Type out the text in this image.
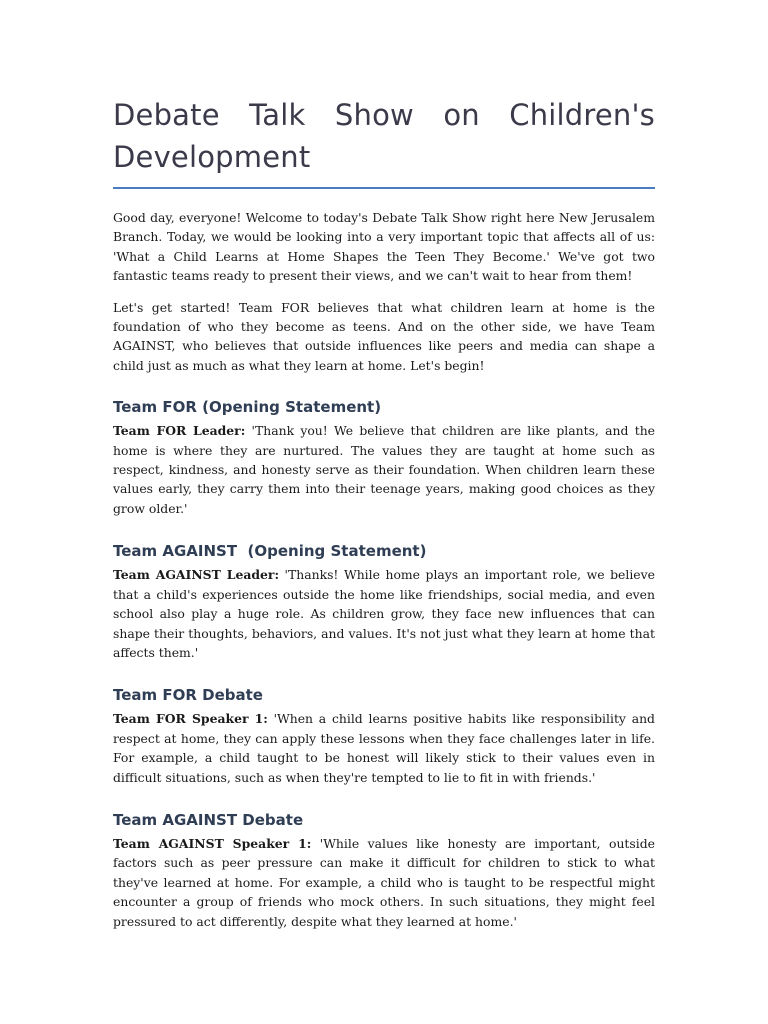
Debate Talk Show on Children's Development

Good day, everyone! Welcome to today's Debate Talk Show right here New Jerusalem Branch. Today, we would be looking into a very important topic that affects all of us: 'What a Child Learns at Home Shapes the Teen They Become.' We've got two fantastic teams ready to present their views, and we can't wait to hear from them!

Let's get started! Team FOR believes that what children learn at home is the foundation of who they become as teens. And on the other side, we have Team AGAINST, who believes that outside influences like peers and media can shape a child just as much as what they learn at home. Let's begin!

Team FOR (Opening Statement)

Team FOR Leader: 'Thank you! We believe that children are like plants, and the home is where they are nurtured. The values they are taught at home such as respect, kindness, and honesty serve as their foundation. When children learn these values early, they carry them into their teenage years, making good choices as they grow older.'

Team AGAINST  (Opening Statement)

Team AGAINST Leader: 'Thanks! While home plays an important role, we believe that a child's experiences outside the home like friendships, social media, and even school also play a huge role. As children grow, they face new influences that can shape their thoughts, behaviors, and values. It's not just what they learn at home that affects them.'

Team FOR Debate

Team FOR Speaker 1: 'When a child learns positive habits like responsibility and respect at home, they can apply these lessons when they face challenges later in life. For example, a child taught to be honest will likely stick to their values even in difficult situations, such as when they're tempted to lie to fit in with friends.'

Team AGAINST Debate

Team AGAINST Speaker 1: 'While values like honesty are important, outside factors such as peer pressure can make it difficult for children to stick to what they've learned at home. For example, a child who is taught to be respectful might encounter a group of friends who mock others. In such situations, they might feel pressured to act differently, despite what they learned at home.'
